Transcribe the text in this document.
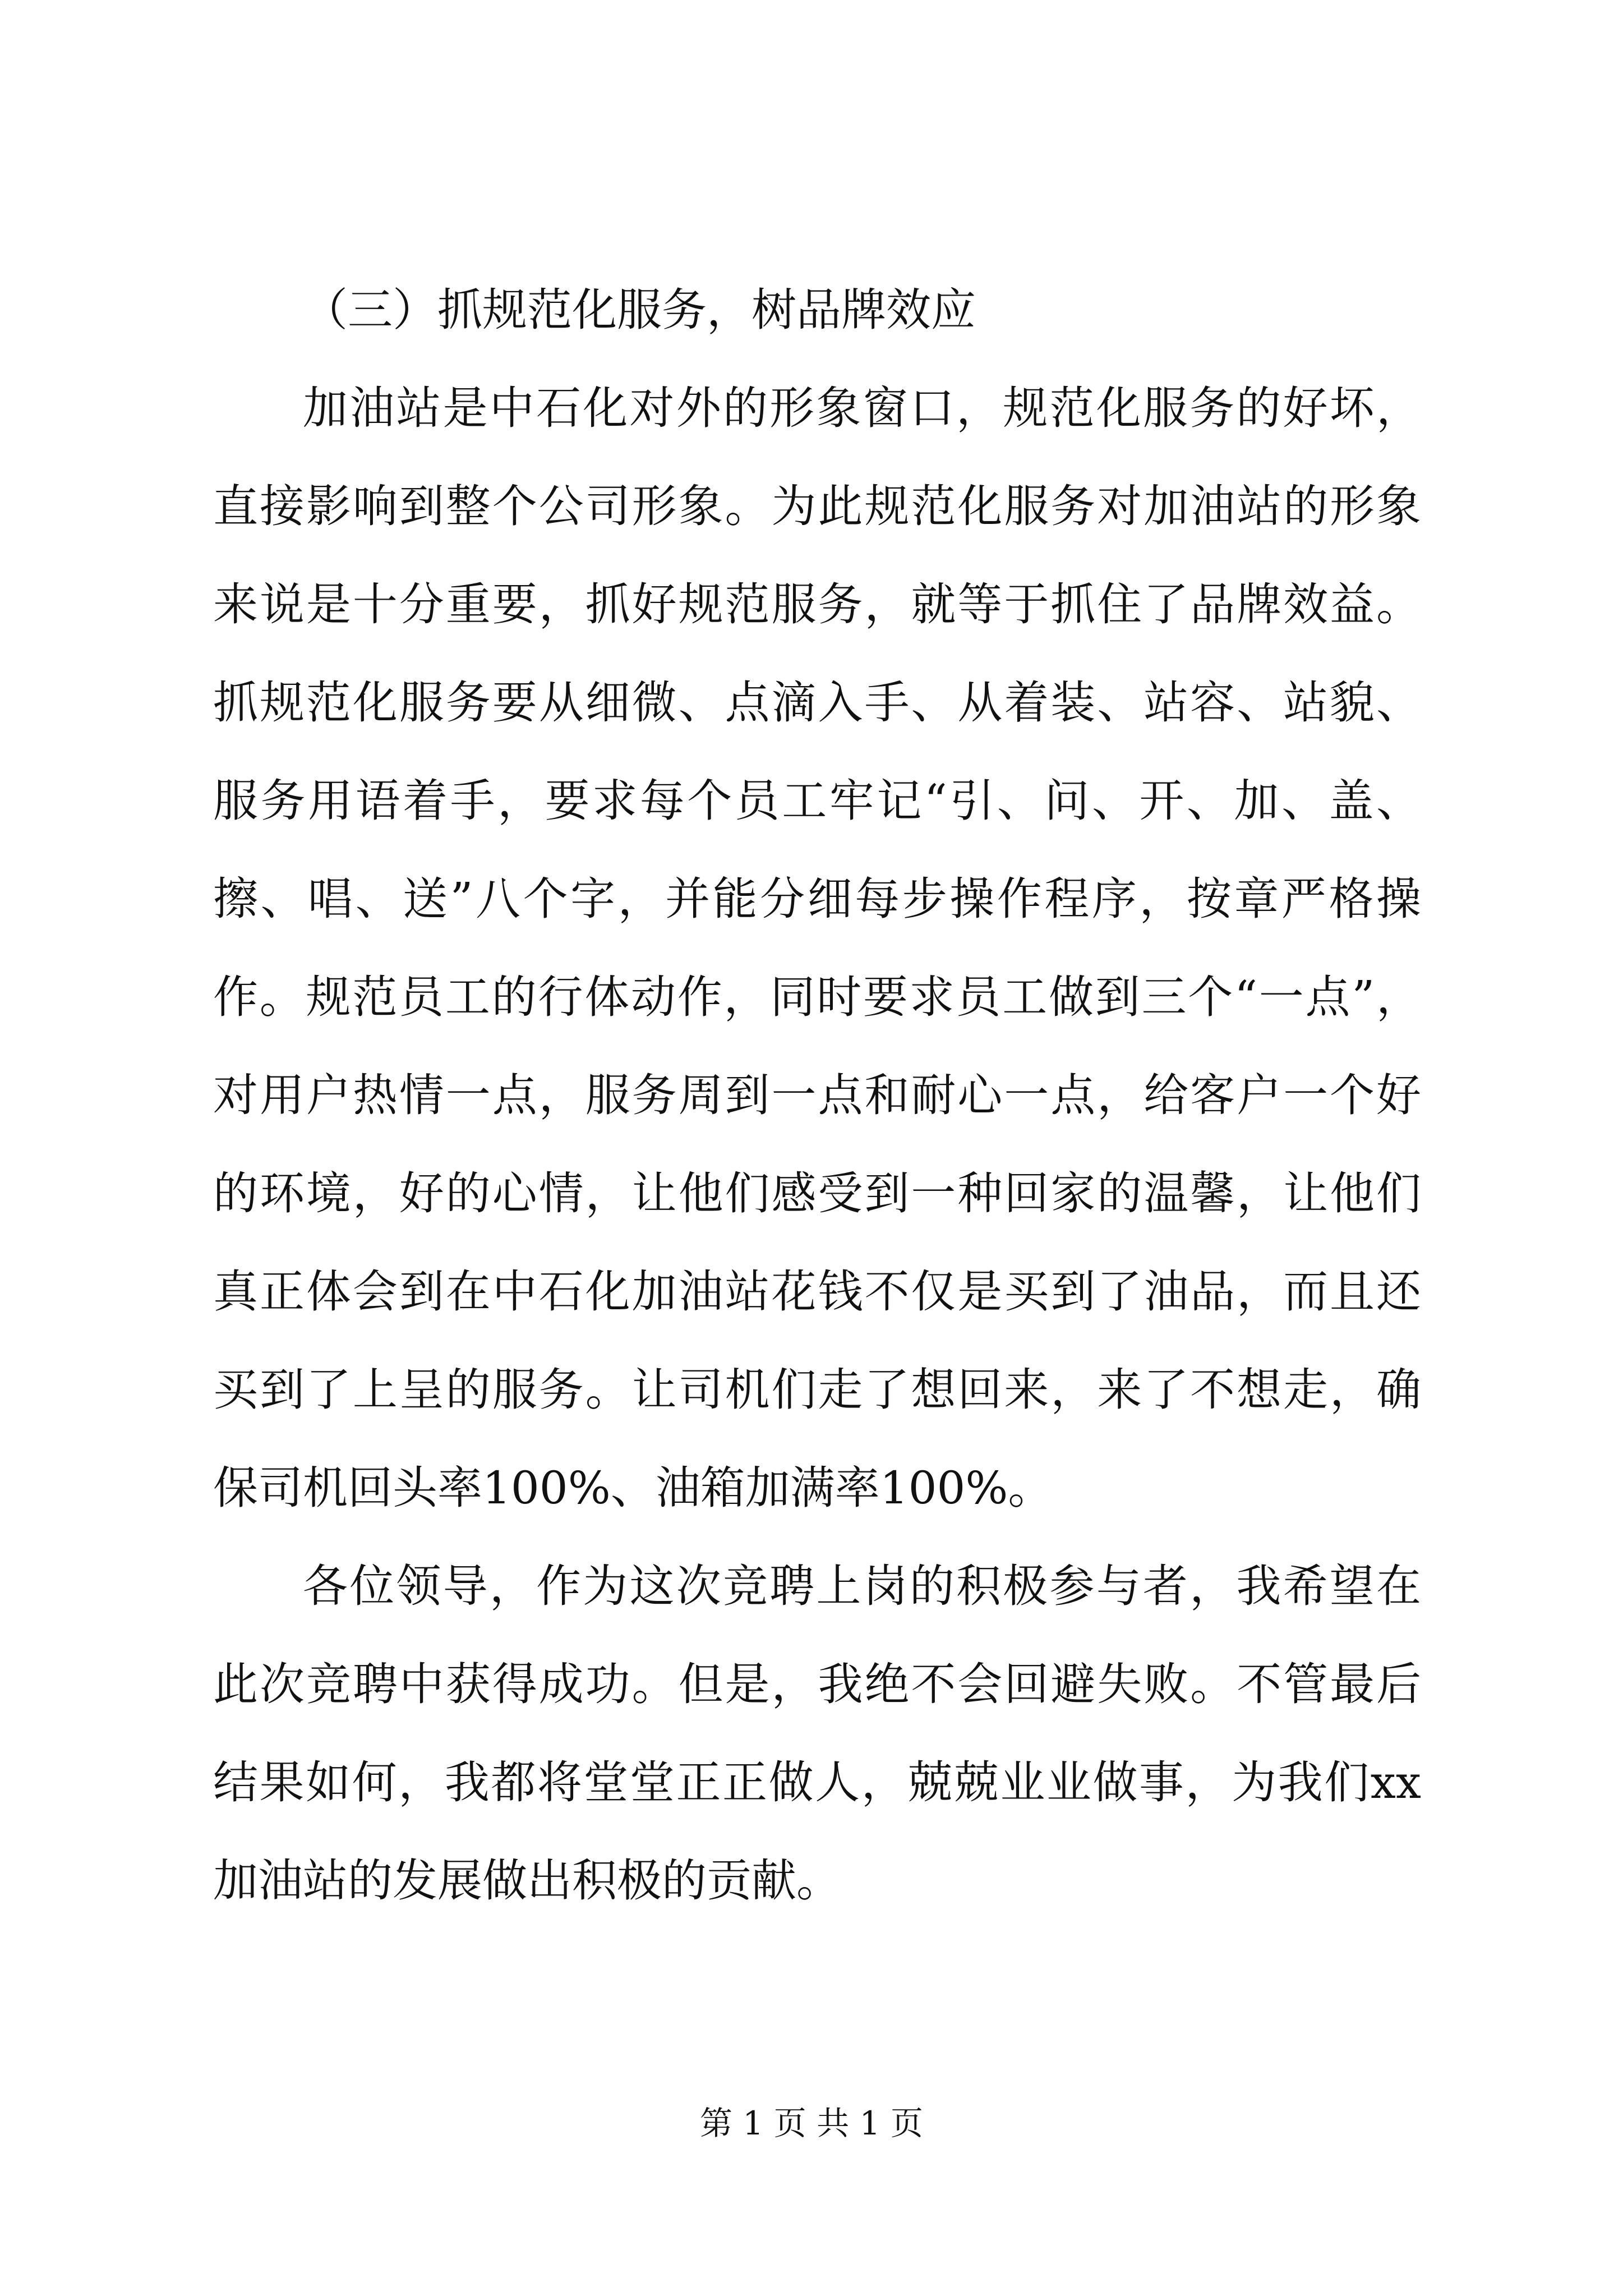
（三）抓规范化服务，树品牌效应

加油站是中石化对外的形象窗口，规范化服务的好坏，直接影响到整个公司形象。为此规范化服务对加油站的形象来说是十分重要，抓好规范服务，就等于抓住了品牌效益。抓规范化服务要从细微、点滴入手、从着装、站容、站貌、服务用语着手，要求每个员工牢记“引、问、开、加、盖、擦、唱、送”八个字，并能分细每步操作程序，按章严格操作。规范员工的行体动作，同时要求员工做到三个“一点”，对用户热情一点，服务周到一点和耐心一点，给客户一个好的环境，好的心情，让他们感受到一种回家的温馨，让他们真正体会到在中石化加油站花钱不仅是买到了油品，而且还买到了上呈的服务。让司机们走了想回来，来了不想走，确保司机回头率100%、油箱加满率100%。

各位领导，作为这次竞聘上岗的积极参与者，我希望在此次竞聘中获得成功。但是，我绝不会回避失败。不管最后结果如何，我都将堂堂正正做人，兢兢业业做事，为我们xx加油站的发展做出积极的贡献。

第 1 页 共 1 页
